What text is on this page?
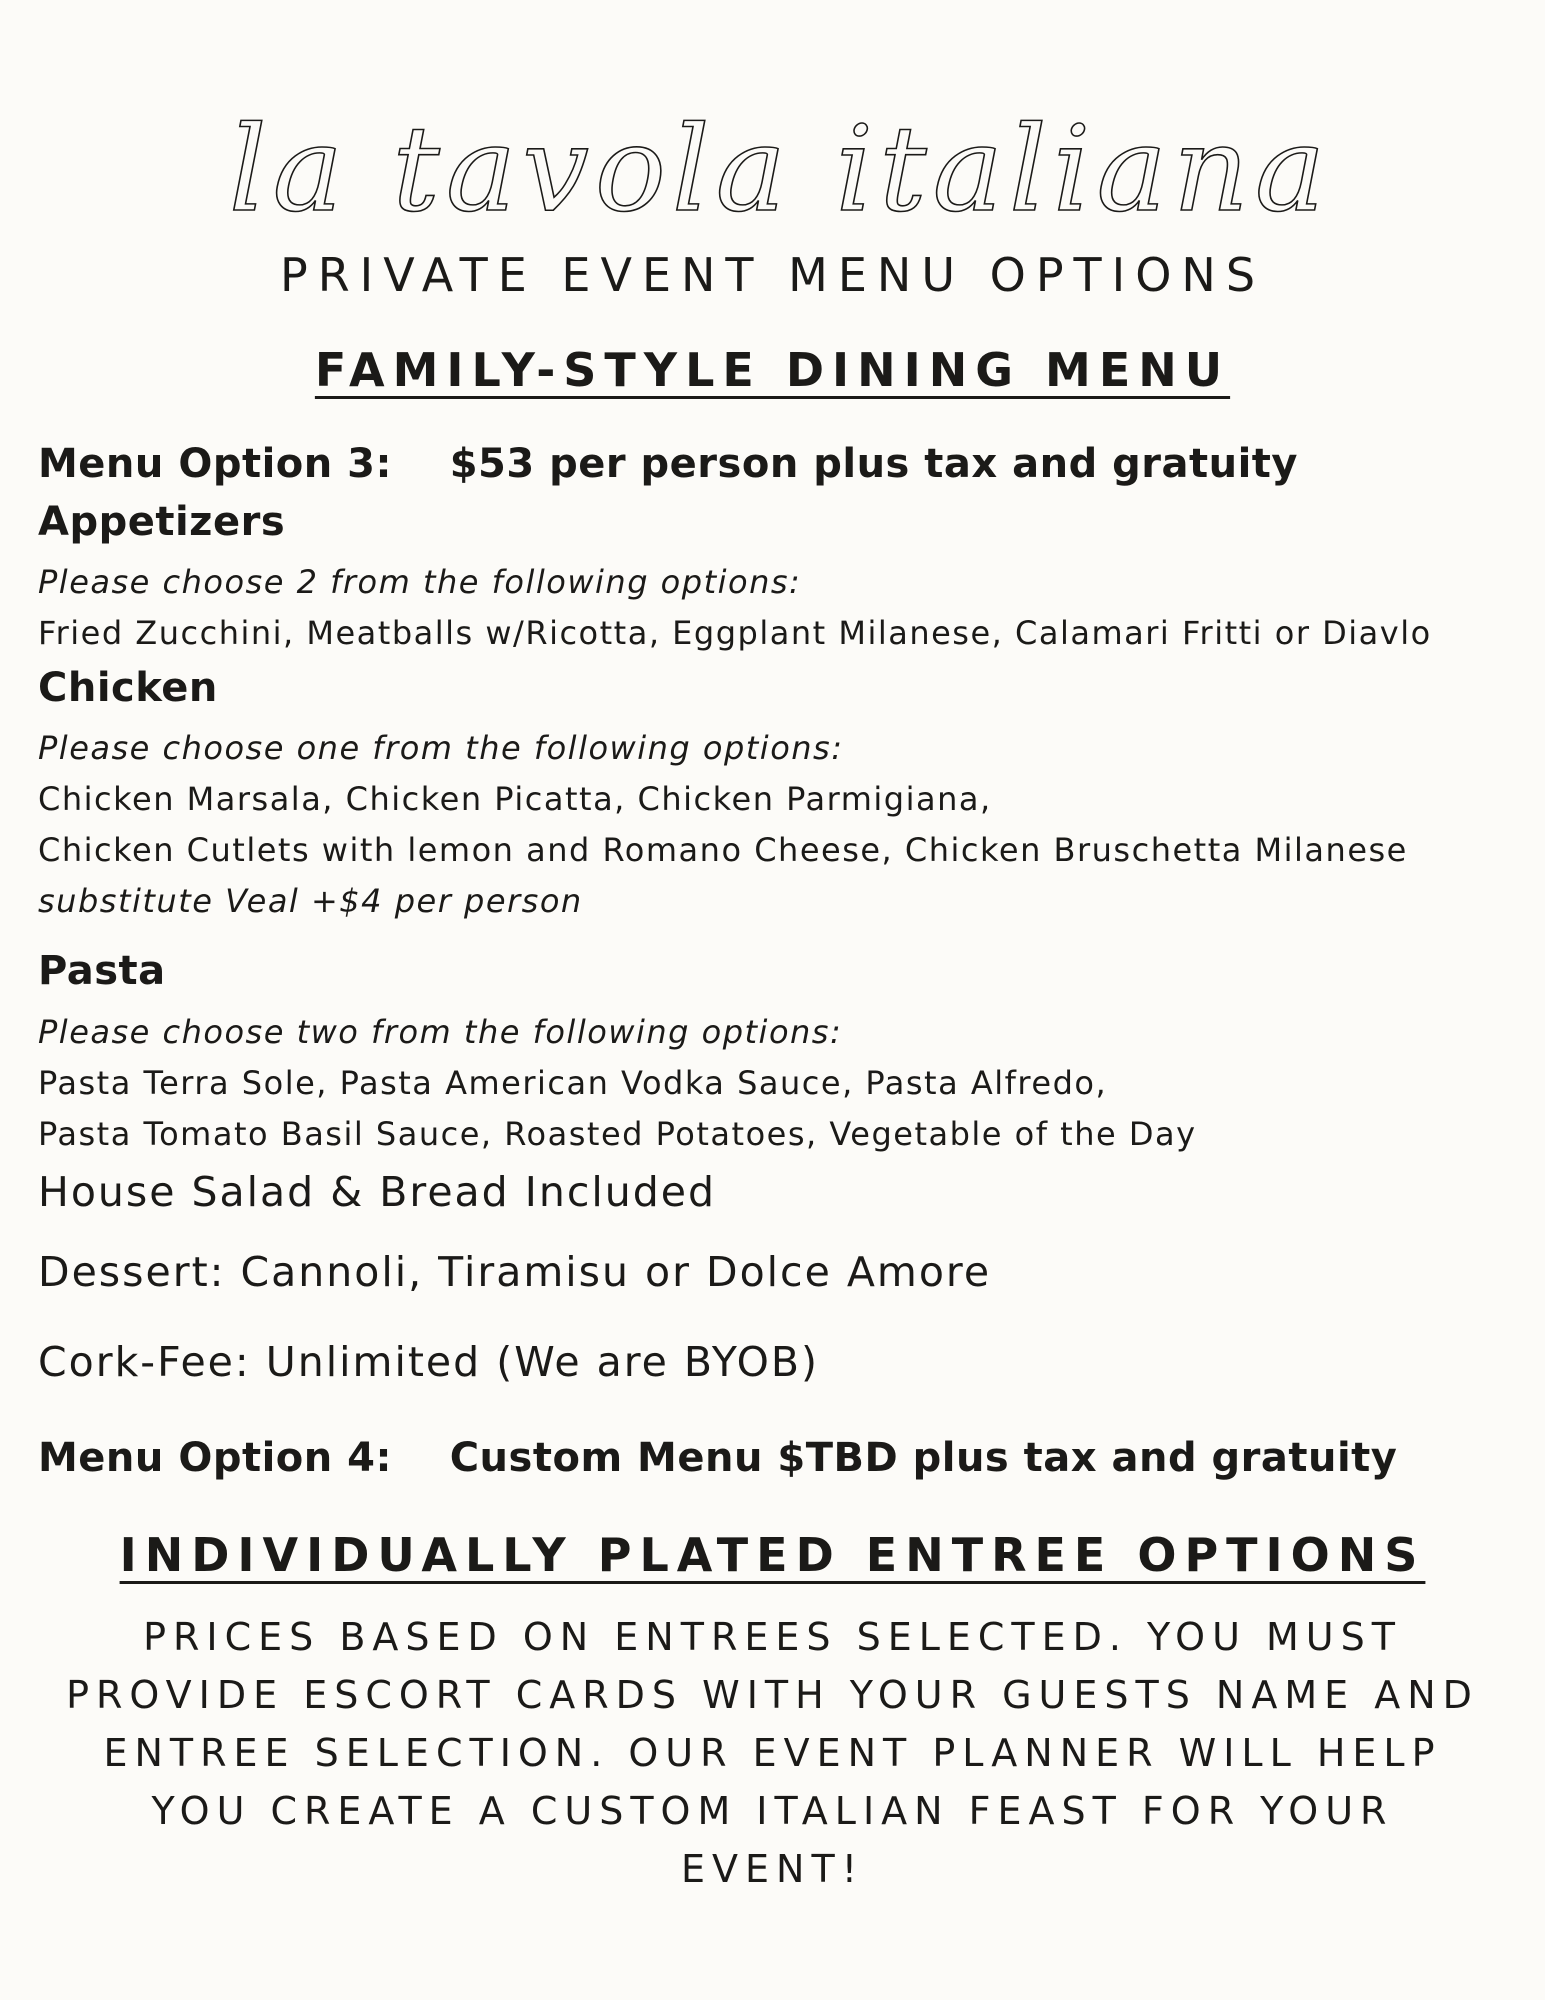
la tavola italiana
PRIVATE EVENT MENU OPTIONS
FAMILY-STYLE DINING MENU
Menu Option 3: $53 per person plus tax and gratuity
Appetizers
Please choose 2 from the following options:
Fried Zucchini, Meatballs w/Ricotta, Eggplant Milanese, Calamari Fritti or Diavlo
Chicken
Please choose one from the following options:
Chicken Marsala, Chicken Picatta, Chicken Parmigiana,
Chicken Cutlets with lemon and Romano Cheese, Chicken Bruschetta Milanese
substitute Veal +$4 per person
Pasta
Please choose two from the following options:
Pasta Terra Sole, Pasta American Vodka Sauce, Pasta Alfredo,
Pasta Tomato Basil Sauce, Roasted Potatoes, Vegetable of the Day
House Salad & Bread Included
Dessert: Cannoli, Tiramisu or Dolce Amore
Cork-Fee: Unlimited (We are BYOB)
Menu Option 4: Custom Menu $TBD plus tax and gratuity
INDIVIDUALLY PLATED ENTREE OPTIONS

PRICES BASED ON ENTREES SELECTED. YOU MUST PROVIDE ESCORT CARDS WITH YOUR GUESTS NAME AND ENTREE SELECTION. OUR EVENT PLANNER WILL HELP YOU CREATE A CUSTOM ITALIAN FEAST FOR YOUR EVENT!
